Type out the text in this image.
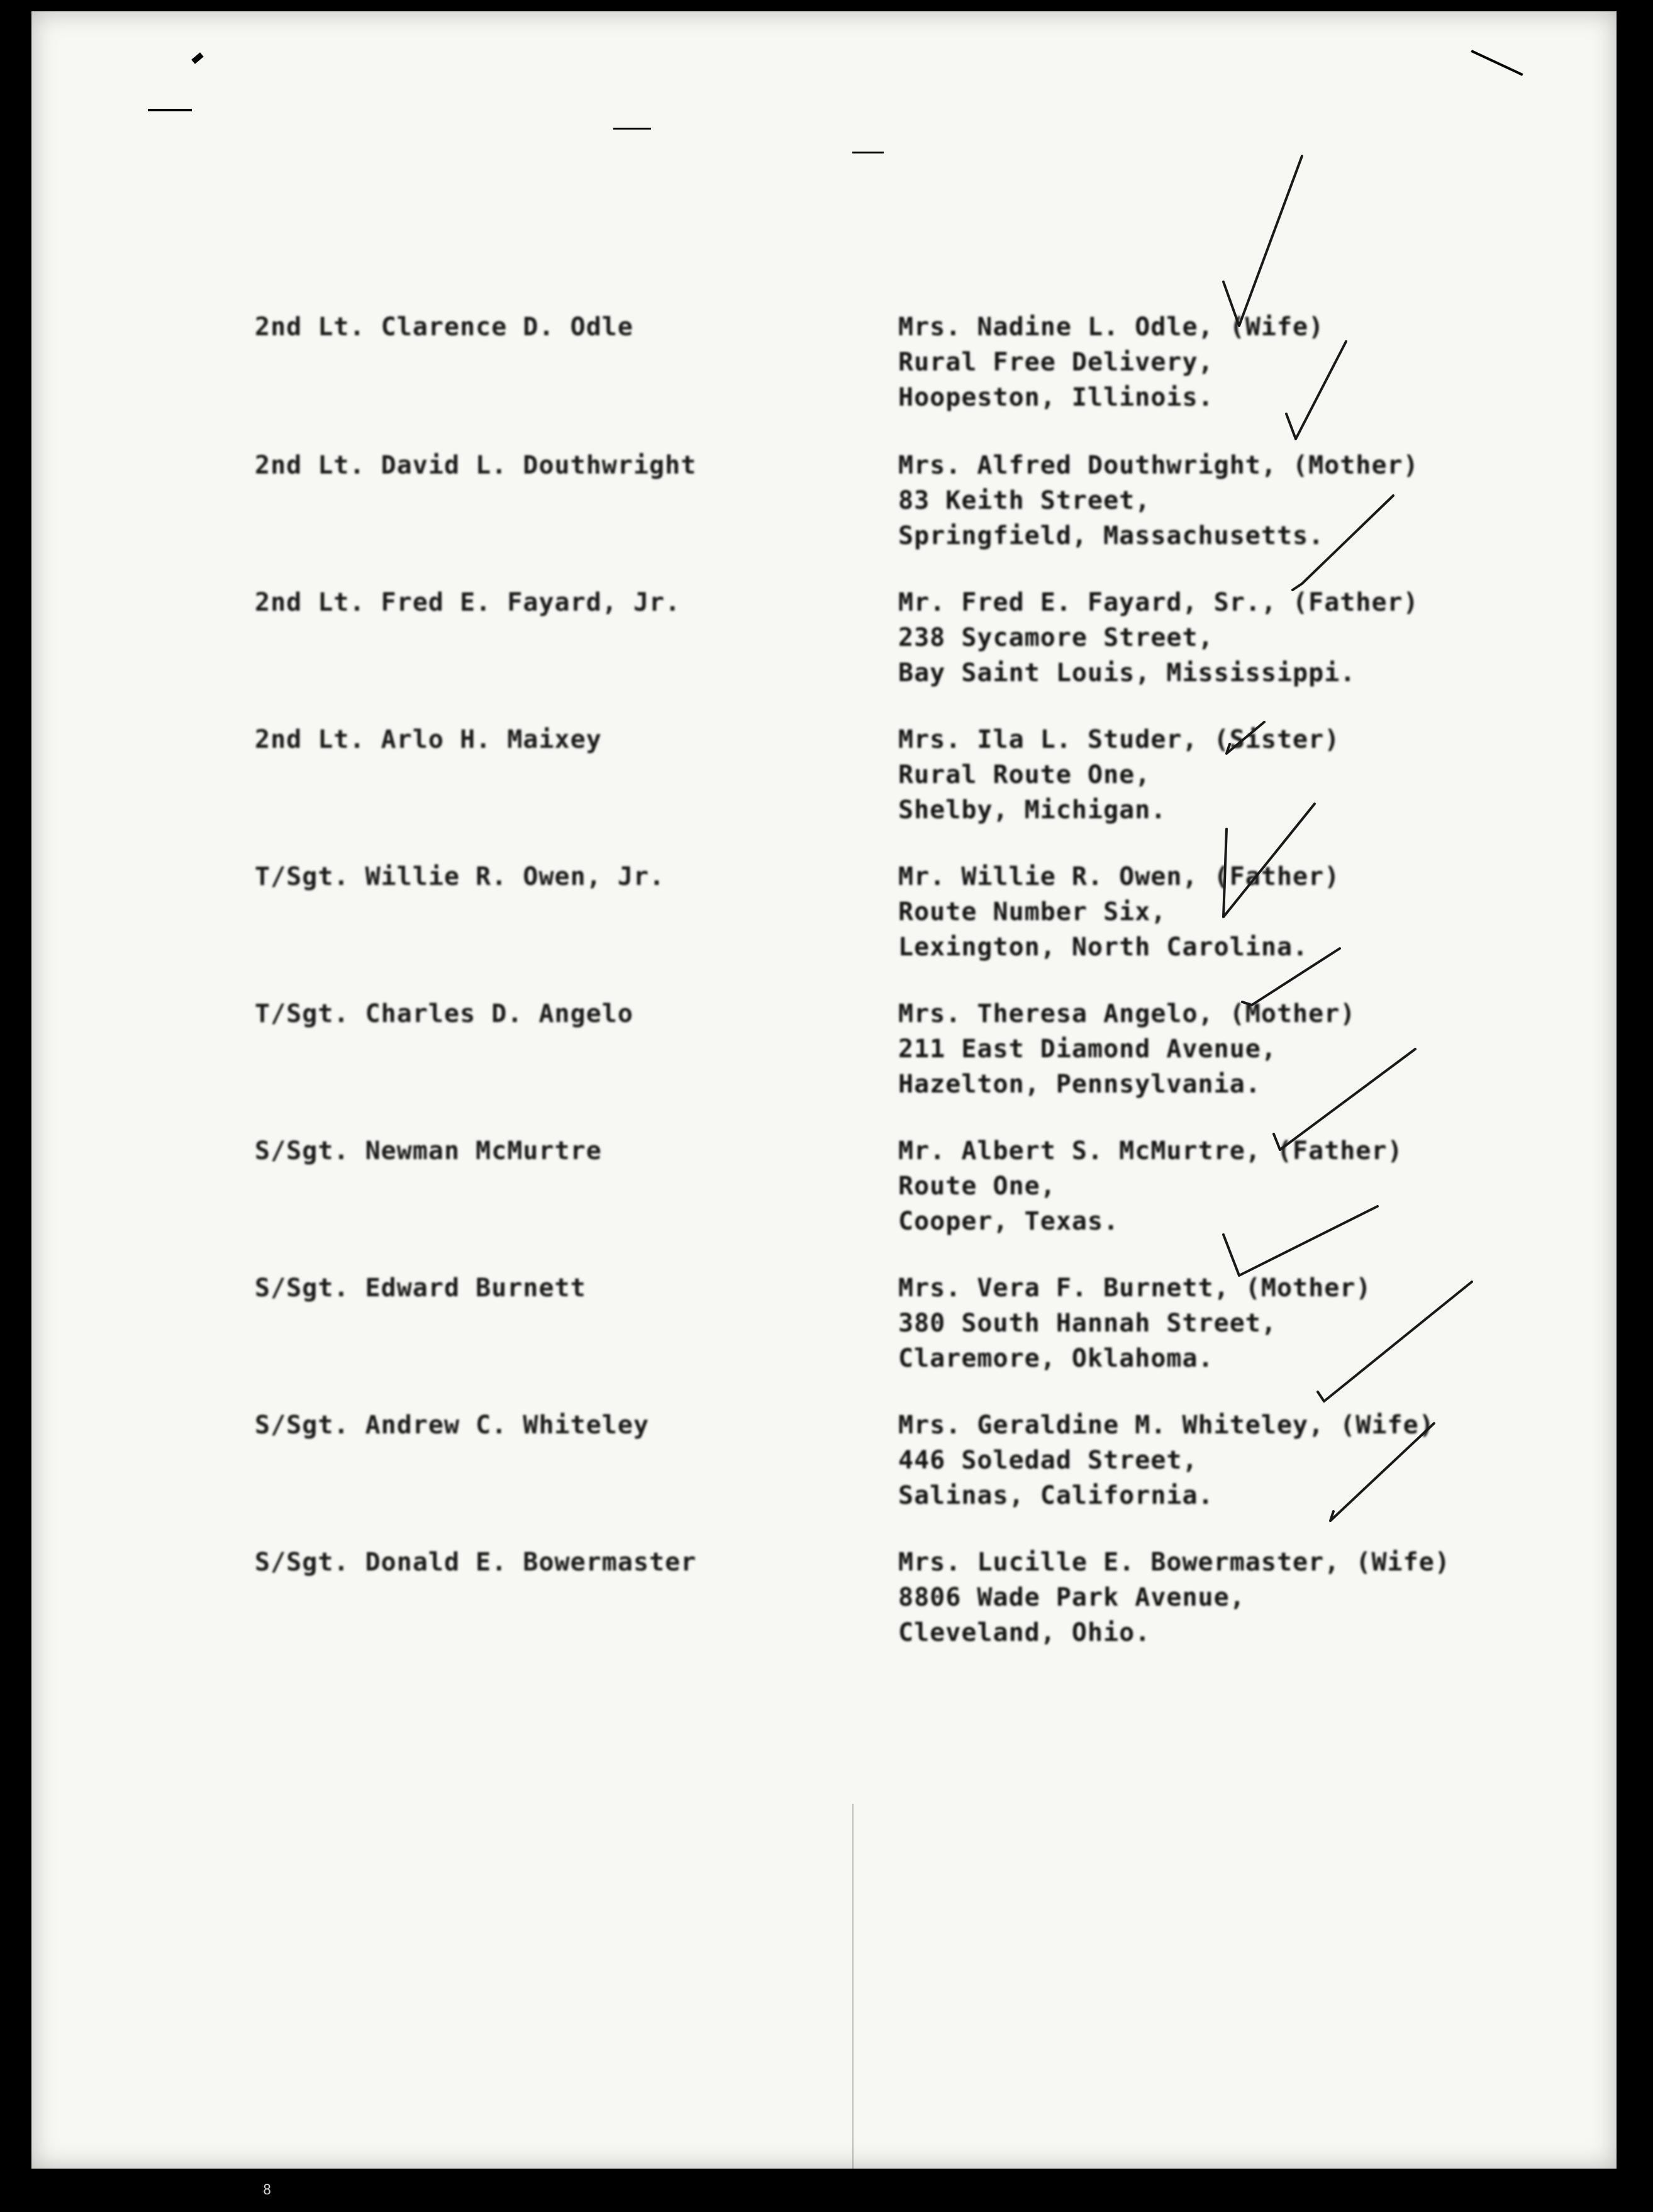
2nd Lt. Clarence D. Odle	Mrs. Nadine L. Odle, (Wife)
Rural Free Delivery,
Hoopeston, Illinois.
2nd Lt. David L. Douthwright	Mrs. Alfred Douthwright, (Mother)
83 Keith Street,
Springfield, Massachusetts.
2nd Lt. Fred E. Fayard, Jr.	Mr. Fred E. Fayard, Sr., (Father)
238 Sycamore Street,
Bay Saint Louis, Mississippi.
2nd Lt. Arlo H. Maixey	Mrs. Ila L. Studer, (Sister)
Rural Route One,
Shelby, Michigan.
T/Sgt. Willie R. Owen, Jr.	Mr. Willie R. Owen, (Father)
Route Number Six,
Lexington, North Carolina.
T/Sgt. Charles D. Angelo	Mrs. Theresa Angelo, (Mother)
211 East Diamond Avenue,
Hazelton, Pennsylvania.
S/Sgt. Newman McMurtre	Mr. Albert S. McMurtre, (Father)
Route One,
Cooper, Texas.
S/Sgt. Edward Burnett	Mrs. Vera F. Burnett, (Mother)
380 South Hannah Street,
Claremore, Oklahoma.
S/Sgt. Andrew C. Whiteley	Mrs. Geraldine M. Whiteley, (Wife)
446 Soledad Street,
Salinas, California.
S/Sgt. Donald E. Bowermaster	Mrs. Lucille E. Bowermaster, (Wife)
8806 Wade Park Avenue,
Cleveland, Ohio.
8
